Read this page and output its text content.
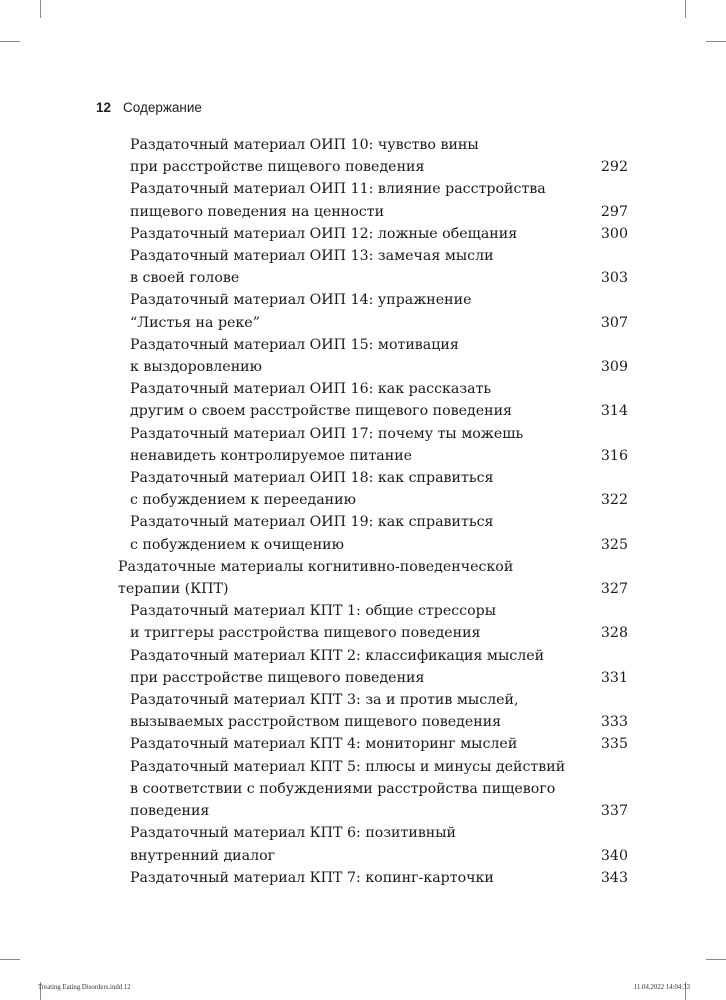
12 Содержание
Раздаточный материал ОИП 10: чувство вины
при расстройстве пищевого поведения	292
Раздаточный материал ОИП 11: влияние расстройства
пищевого поведения на ценности	297
Раздаточный материал ОИП 12: ложные обещания	300
Раздаточный материал ОИП 13: замечая мысли
в своей голове	303
Раздаточный материал ОИП 14: упражнение
“Листья на реке”	307
Раздаточный материал ОИП 15: мотивация
к выздоровлению	309
Раздаточный материал ОИП 16: как рассказать
другим о своем расстройстве пищевого поведения	314
Раздаточный материал ОИП 17: почему ты можешь
ненавидеть контролируемое питание	316
Раздаточный материал ОИП 18: как справиться
с побуждением к перееданию	322
Раздаточный материал ОИП 19: как справиться
с побуждением к очищению	325
Раздаточные материалы когнитивно-поведенческой
терапии (КПТ)	327
Раздаточный материал КПТ 1: общие стрессоры
и триггеры расстройства пищевого поведения	328
Раздаточный материал КПТ 2: классификация мыслей
при расстройстве пищевого поведения	331
Раздаточный материал КПТ 3: за и против мыслей,
вызываемых расстройством пищевого поведения	333
Раздаточный материал КПТ 4: мониторинг мыслей	335
Раздаточный материал КПТ 5: плюсы и минусы действий
в соответствии с побуждениями расстройства пищевого
поведения	337
Раздаточный материал КПТ 6: позитивный
внутренний диалог	340
Раздаточный материал КПТ 7: копинг-карточки	343
Treating Eating Disorders.indd 12	11.04.2022 14:04:33
